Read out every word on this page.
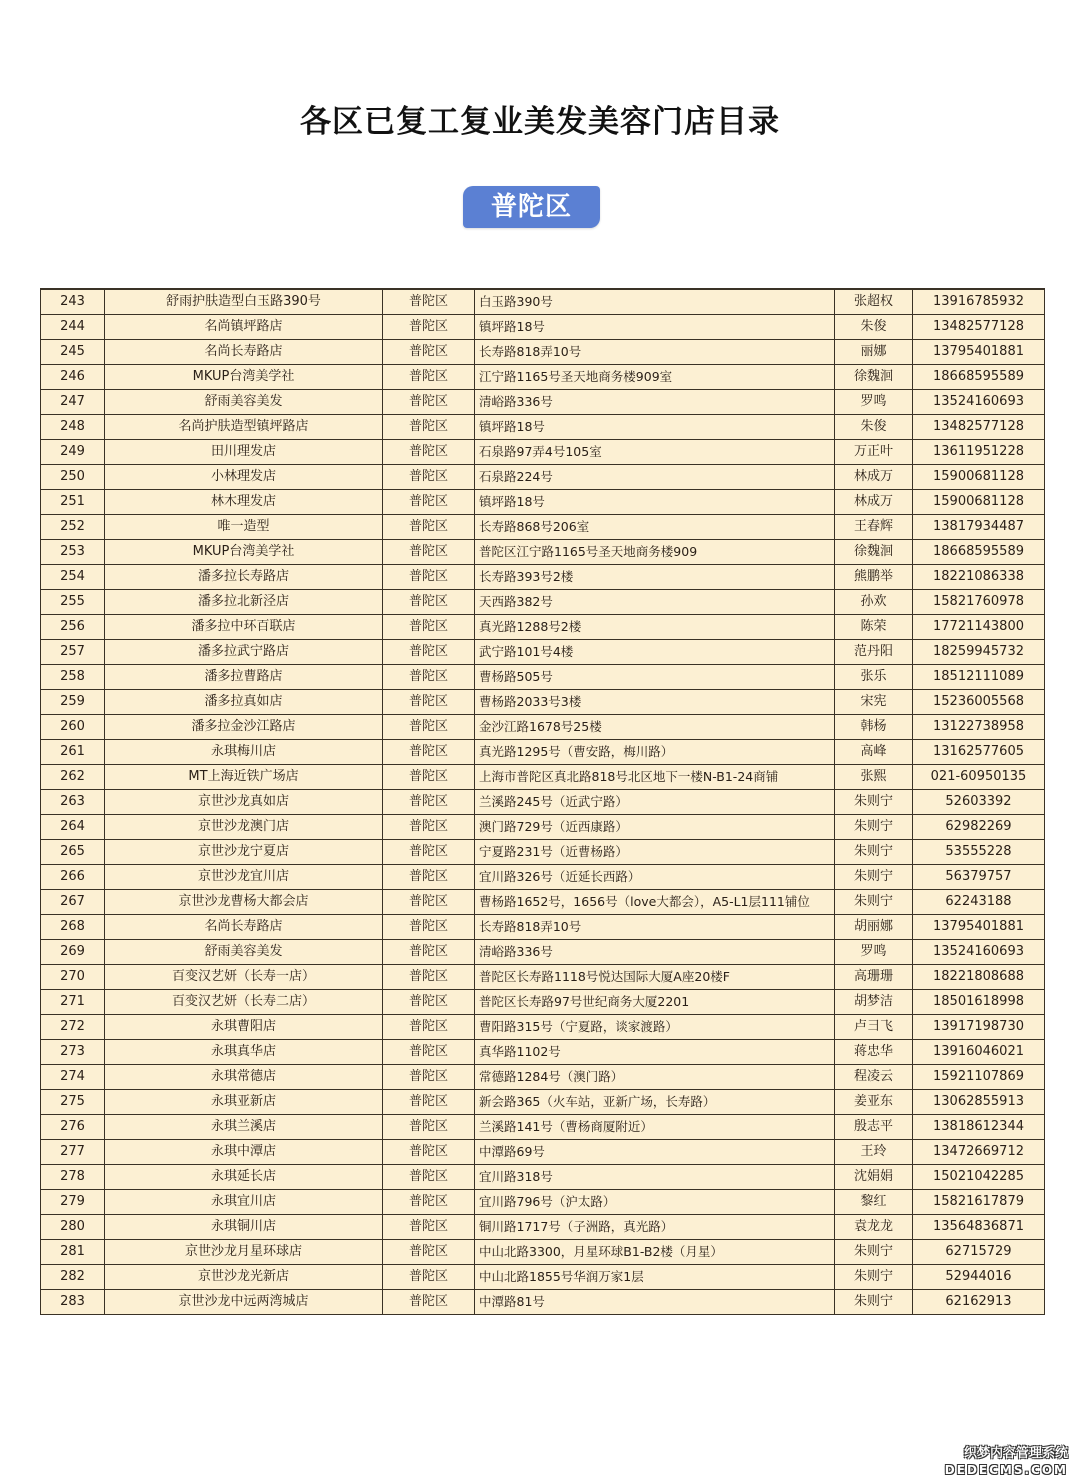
各区已复工复业美发美容门店目录
普陀区
243	舒雨护肤造型白玉路390号	普陀区	白玉路390号	张超权	13916785932
244	名尚镇坪路店	普陀区	镇坪路18号	朱俊	13482577128
245	名尚长寿路店	普陀区	长寿路818弄10号	丽娜	13795401881
246	MKUP台湾美学社	普陀区	江宁路1165号圣天地商务楼909室	徐魏洄	18668595589
247	舒雨美容美发	普陀区	清峪路336号	罗鸣	13524160693
248	名尚护肤造型镇坪路店	普陀区	镇坪路18号	朱俊	13482577128
249	田川理发店	普陀区	石泉路97弄4号105室	万正叶	13611951228
250	小林理发店	普陀区	石泉路224号	林成万	15900681128
251	林木理发店	普陀区	镇坪路18号	林成万	15900681128
252	唯一造型	普陀区	长寿路868号206室	王春辉	13817934487
253	MKUP台湾美学社	普陀区	普陀区江宁路1165号圣天地商务楼909	徐魏洄	18668595589
254	潘多拉长寿路店	普陀区	长寿路393号2楼	熊鹏举	18221086338
255	潘多拉北新泾店	普陀区	天西路382号	孙欢	15821760978
256	潘多拉中环百联店	普陀区	真光路1288号2楼	陈荣	17721143800
257	潘多拉武宁路店	普陀区	武宁路101号4楼	范丹阳	18259945732
258	潘多拉曹路店	普陀区	曹杨路505号	张乐	18512111089
259	潘多拉真如店	普陀区	曹杨路2033号3楼	宋宪	15236005568
260	潘多拉金沙江路店	普陀区	金沙江路1678号25楼	韩杨	13122738958
261	永琪梅川店	普陀区	真光路1295号（曹安路，梅川路）	高峰	13162577605
262	MT上海近铁广场店	普陀区	上海市普陀区真北路818号北区地下一楼N-B1-24商铺	张熙	021-60950135
263	京世沙龙真如店	普陀区	兰溪路245号（近武宁路）	朱则宁	52603392
264	京世沙龙澳门店	普陀区	澳门路729号（近西康路）	朱则宁	62982269
265	京世沙龙宁夏店	普陀区	宁夏路231号（近曹杨路）	朱则宁	53555228
266	京世沙龙宜川店	普陀区	宜川路326号（近延长西路）	朱则宁	56379757
267	京世沙龙曹杨大都会店	普陀区	曹杨路1652号，1656号（love大都会），A5-L1层111铺位	朱则宁	62243188
268	名尚长寿路店	普陀区	长寿路818弄10号	胡丽娜	13795401881
269	舒雨美容美发	普陀区	清峪路336号	罗鸣	13524160693
270	百变汉艺妍（长寿一店）	普陀区	普陀区长寿路1118号悦达国际大厦A座20楼F	高珊珊	18221808688
271	百变汉艺妍（长寿二店）	普陀区	普陀区长寿路97号世纪商务大厦2201	胡梦洁	18501618998
272	永琪曹阳店	普陀区	曹阳路315号（宁夏路，谈家渡路）	卢彐飞	13917198730
273	永琪真华店	普陀区	真华路1102号	蒋忠华	13916046021
274	永琪常德店	普陀区	常德路1284号（澳门路）	程凌云	15921107869
275	永琪亚新店	普陀区	新会路365（火车站，亚新广场，长寿路）	姜亚东	13062855913
276	永琪兰溪店	普陀区	兰溪路141号（曹杨商厦附近）	殷志平	13818612344
277	永琪中潭店	普陀区	中潭路69号	王玲	13472669712
278	永琪延长店	普陀区	宜川路318号	沈娟娟	15021042285
279	永琪宜川店	普陀区	宜川路796号（沪太路）	黎红	15821617879
280	永琪铜川店	普陀区	铜川路1717号（子洲路，真光路）	袁龙龙	13564836871
281	京世沙龙月星环球店	普陀区	中山北路3300，月星环球B1-B2楼（月星）	朱则宁	62715729
282	京世沙龙光新店	普陀区	中山北路1855号华润万家1层	朱则宁	52944016
283	京世沙龙中远两湾城店	普陀区	中潭路81号	朱则宁	62162913
织梦内容管理系统
DEDECMS.COM
